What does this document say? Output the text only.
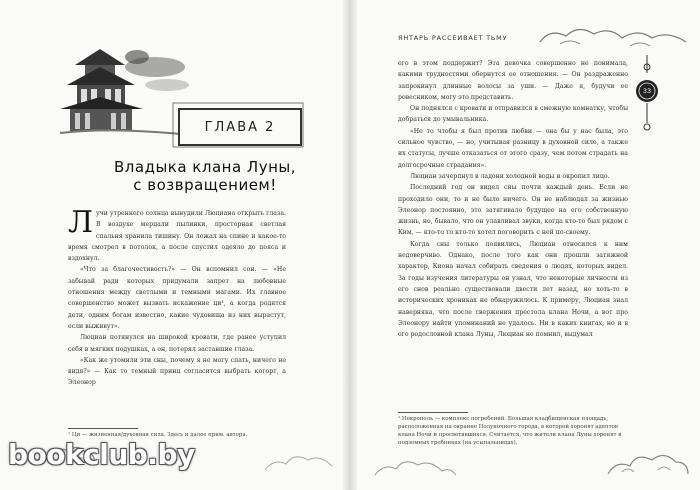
ГЛАВА 2
Владыка клана Луны,
с возвращением!

Лучи утреннего солнца вынудили Люциана открыть глаза. В воздухе мерцали пылинки, просторная светлая спальня хранила тишину. Он лежал на спине и какое-то время смотрел в потолок, а после спустил одеяло до пояса и вздохнул.

«Что за благочестивость?» — Он вспомнил сон. — «Не забывай ради которых придумали запрет на любовные отношения между светлыми и темными магами. Их главное совершенство может вызвать искажение ци¹, а когда родятся дети, одним богам известно, какие чудовища из них вырастут, если выживут».

Люциан потянулся на широкой кровати, где ранее уступил себя в мягких подушках, а он, потерял заставшие глаза.

«Как же утомили эти сны, почему я не могу спать, ничего не видя?» — Как то темный принц согласится выбрать когорт, а Элеонор

¹ Ци — жизненная/духовная сила. Здесь и далее прим. автора.
ЯНТАРЬ РАССЕИВАЕТ ТЬМУ
33

его в этом поддержит? Эта девочка совершенно не понимала, какими трудностями обернутся ее отношения. — Он раздраженно запрокинул длинные волосы за уши. — Даже я, будучи ее ровесником, могу это представить.

Он поднялся с кровати и отправился в смежную комнатку, чтобы добраться до умывальника.

«Не то чтобы я был против любви — она бы у нас была, это сильное чувство, — но, учитывая разницу в духовной силе, а также их статусы, лучше отказаться от этого сразу, чем потом страдать на долгосрочные страдания».

Люциан зачерпнул в ладони холодной воды и окропил лицо.

Последний год он видел сны почти каждый день. Если не проходило они, то и не было ничего. Он не наблюдал за жизнью Элеонор постоянно, это затягивало будущее на его собственную жизнь, но, бывало, что он улавливал звуки, когда кто-то был рядом с Ким, — кто-то то кто-то хотел поговорить с ней по-своему.

Когда сны только появились, Люциан относился к ним недоверчиво. Однако, после того как они прошли затяжной характер, Киона начал собирать сведения о людях, которых видел. За годы изучения литературы он узнал, что некоторые личности из его снов реально существовали двести лет назад, но хоть-то в исторических хрониках не обнаружилось. К примеру, Люциан знал наверняка, что после свержения престола клана Ночи, а вот про Элеонору найти упоминаний не удалось. Ни в каких книгах, но и в его родословной клана Луны, Люциан не помнил, выдумал

¹ Некрополь — комплекс погребений. Большая кладбищенская площадь, расположенная на окраине Полуночного города, в которой хоронят адептов клана Ночи и просветившихся. Считается, что жители клана Луны хоронят в подземных гробницах (на усыпальницах).
bookclub.by
